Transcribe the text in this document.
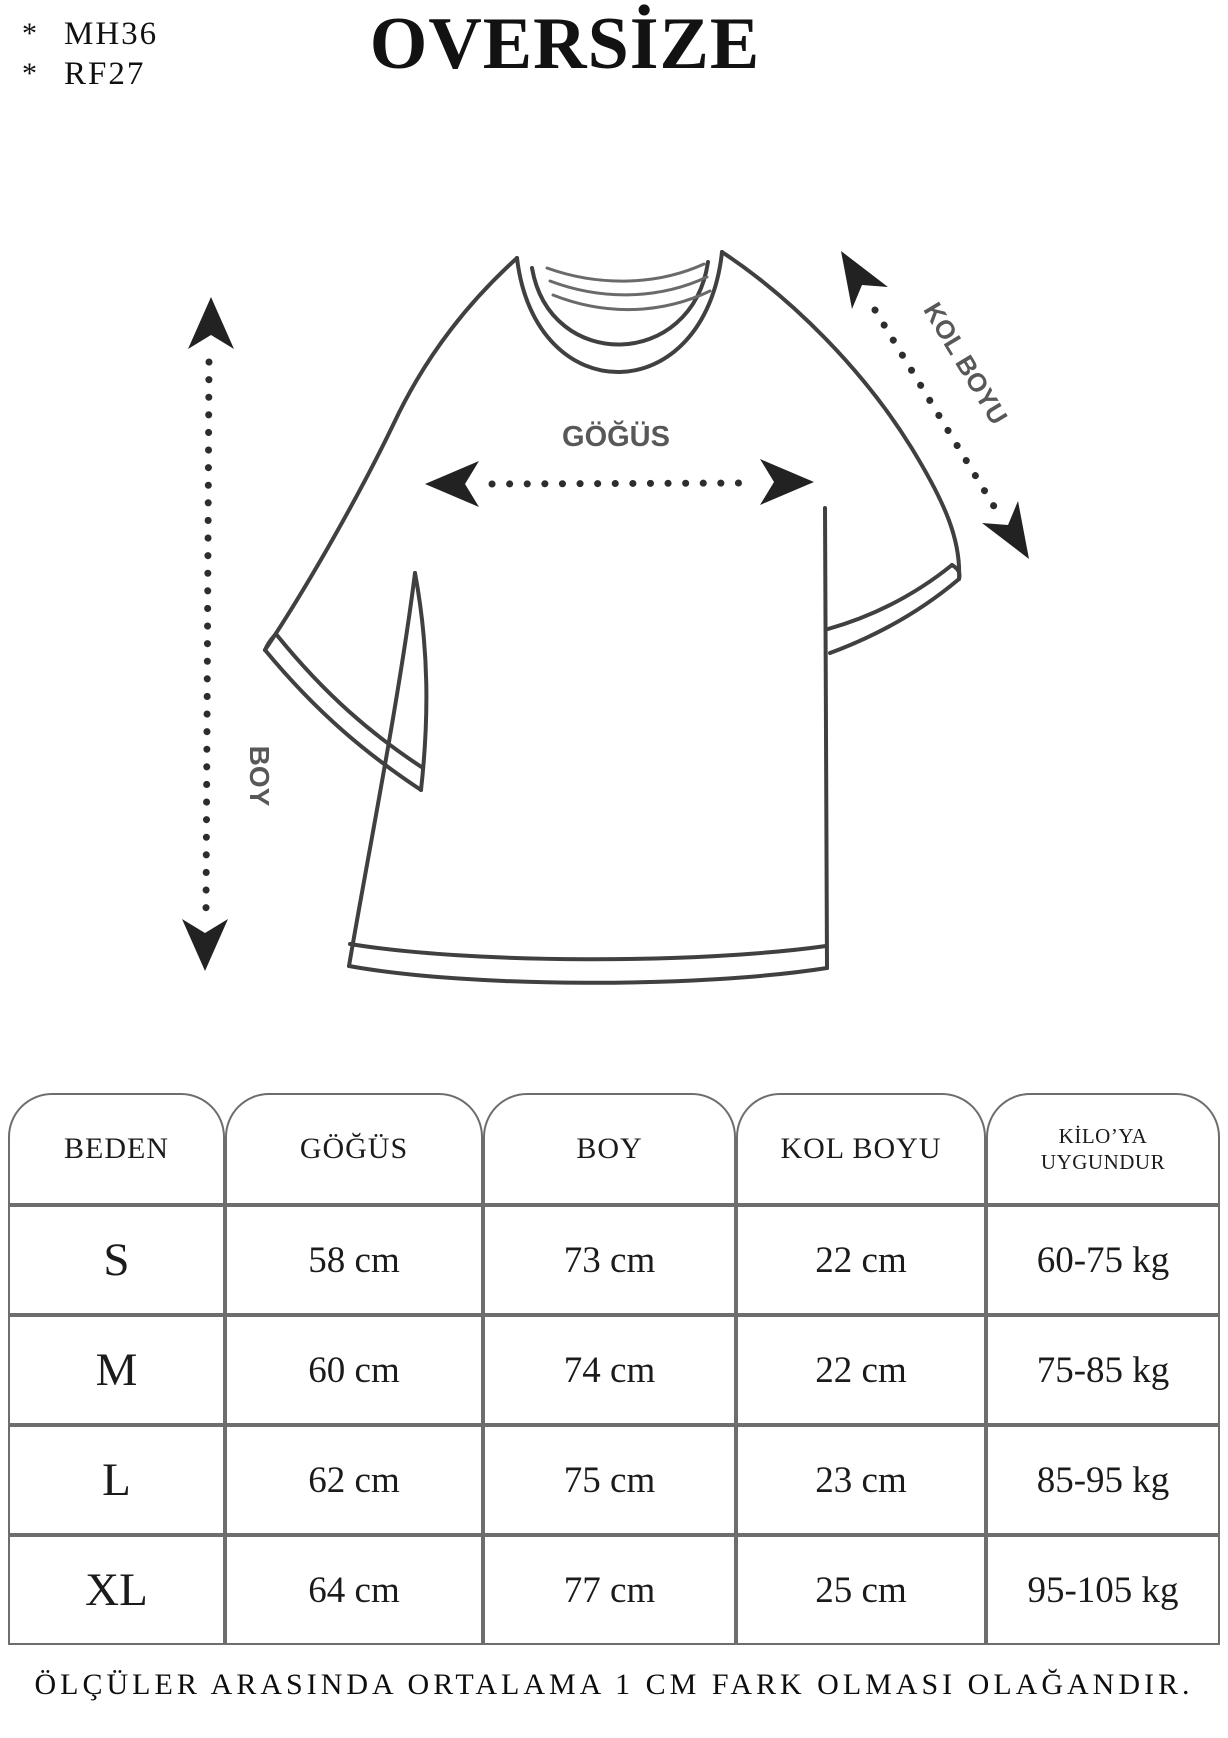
* MH36
* RF27	OVERSİZE
BOY
GÖĞÜS
KOL BOYU
BEDEN	GÖĞÜS	BOY	KOL BOYU	KİLO’YA
UYGUNDUR

S	58 cm	73 cm	22 cm	60-75 kg
M	60 cm	74 cm	22 cm	75-85 kg
L	62 cm	75 cm	23 cm	85-95 kg
XL	64 cm	77 cm	25 cm	95-105 kg

ÖLÇÜLER ARASINDA ORTALAMA 1 CM FARK OLMASI OLAĞANDIR.
